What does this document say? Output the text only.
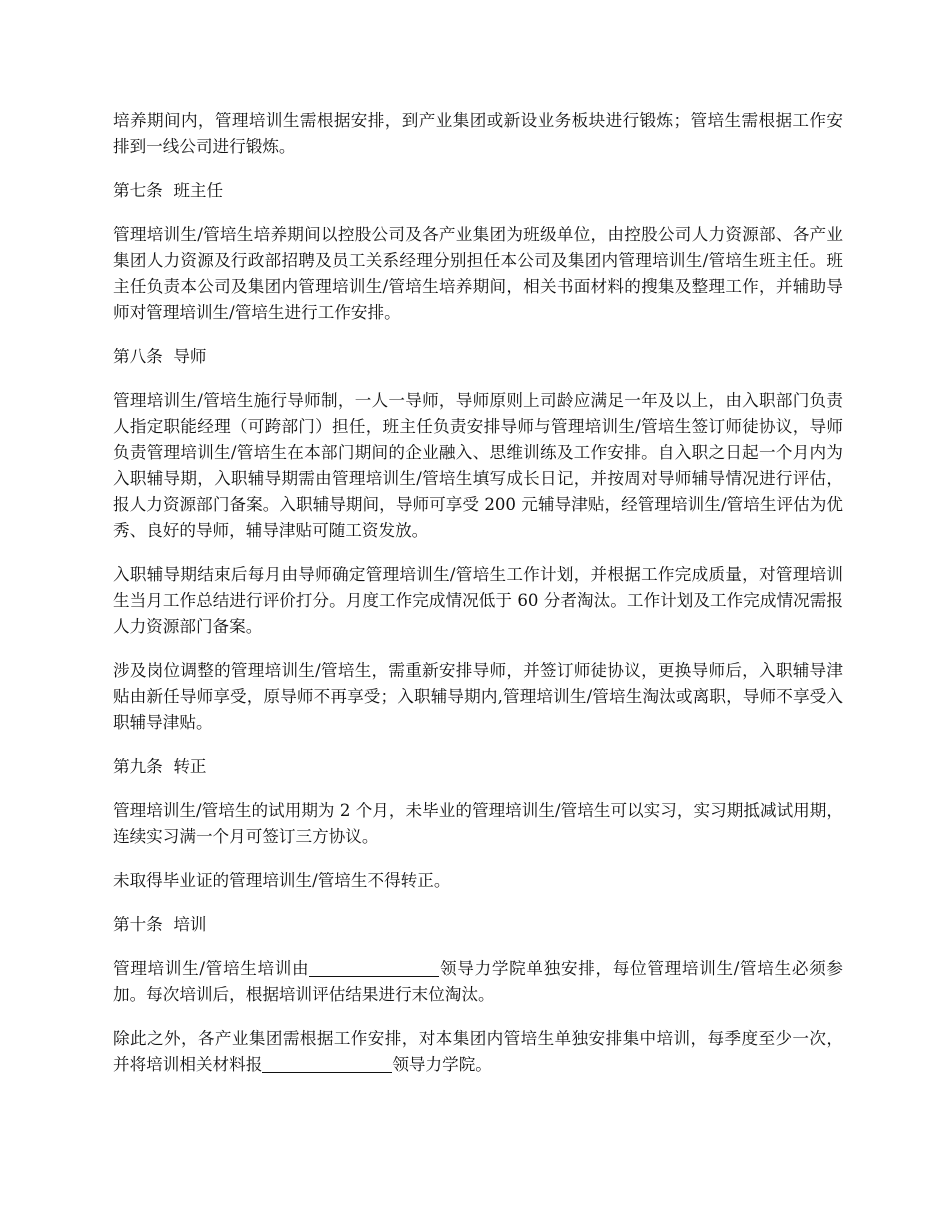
培养期间内，管理培训生需根据安排，到产业集团或新设业务板块进行锻炼；管培生需根据工作安排到一线公司进行锻炼。

第七条  班主任

管理培训生/管培生培养期间以控股公司及各产业集团为班级单位，由控股公司人力资源部、各产业集团人力资源及行政部招聘及员工关系经理分别担任本公司及集团内管理培训生/管培生班主任。班主任负责本公司及集团内管理培训生/管培生培养期间，相关书面材料的搜集及整理工作，并辅助导师对管理培训生/管培生进行工作安排。

第八条  导师

管理培训生/管培生施行导师制，一人一导师，导师原则上司龄应满足一年及以上，由入职部门负责人指定职能经理（可跨部门）担任，班主任负责安排导师与管理培训生/管培生签订师徒协议，导师负责管理培训生/管培生在本部门期间的企业融入、思维训练及工作安排。自入职之日起一个月内为入职辅导期，入职辅导期需由管理培训生/管培生填写成长日记，并按周对导师辅导情况进行评估，报人力资源部门备案。入职辅导期间，导师可享受 200 元辅导津贴，经管理培训生/管培生评估为优秀、良好的导师，辅导津贴可随工资发放。

入职辅导期结束后每月由导师确定管理培训生/管培生工作计划，并根据工作完成质量，对管理培训生当月工作总结进行评价打分。月度工作完成情况低于 60 分者淘汰。工作计划及工作完成情况需报人力资源部门备案。

涉及岗位调整的管理培训生/管培生，需重新安排导师，并签订师徒协议，更换导师后，入职辅导津贴由新任导师享受，原导师不再享受；入职辅导期内,管理培训生/管培生淘汰或离职，导师不享受入职辅导津贴。

第九条  转正

管理培训生/管培生的试用期为 2 个月，未毕业的管理培训生/管培生可以实习，实习期抵减试用期，连续实习满一个月可签订三方协议。

未取得毕业证的管理培训生/管培生不得转正。

第十条  培训

管理培训生/管培生培训由	领导力学院单独安排，每位管理培训生/管培生必须参加。每次培训后，根据培训评估结果进行末位淘汰。

除此之外，各产业集团需根据工作安排，对本集团内管培生单独安排集中培训，每季度至少一次，并将培训相关材料报	领导力学院。
